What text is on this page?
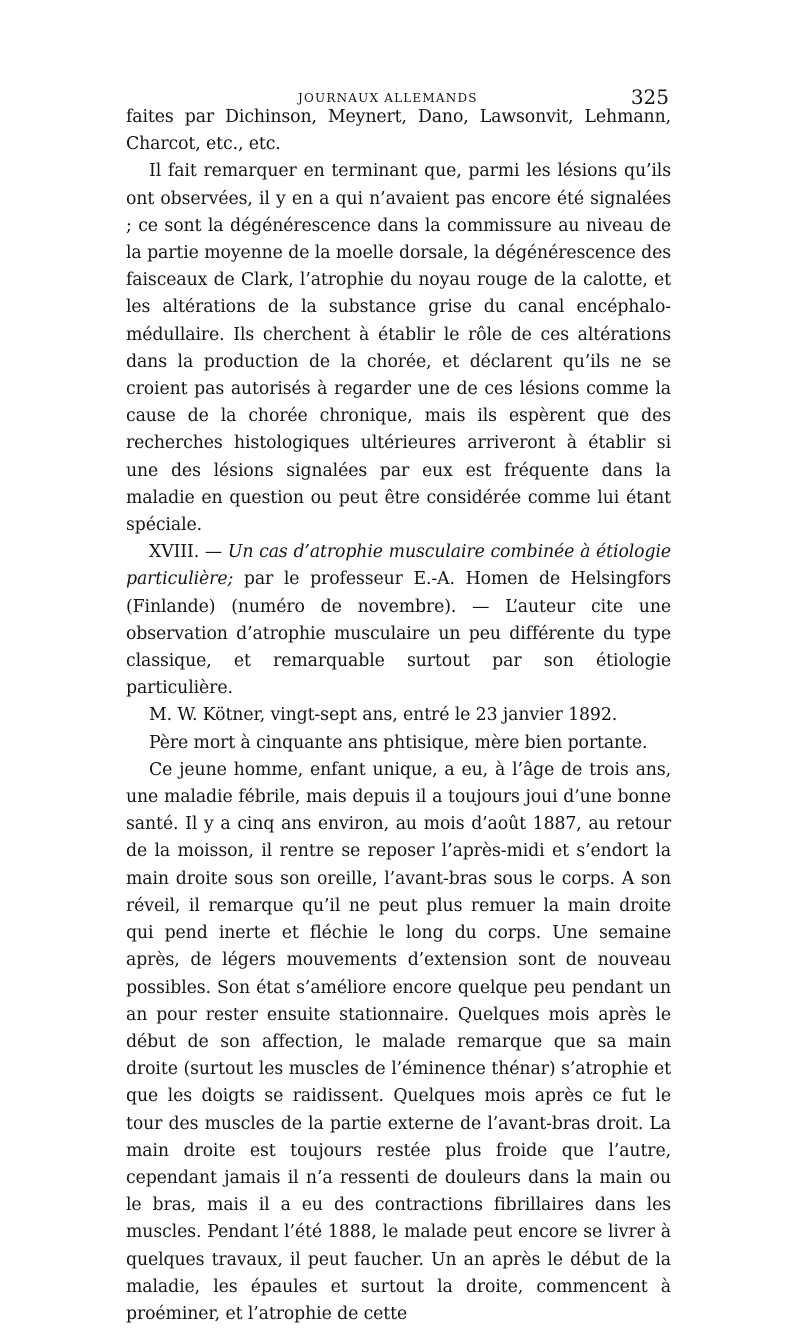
JOURNAUX ALLEMANDS	325

faites par Dichinson, Meynert, Dano, Lawsonvit, Lehmann, Charcot, etc., etc.

Il fait remarquer en terminant que, parmi les lésions qu’ils ont observées, il y en a qui n’avaient pas encore été signalées ; ce sont la dégénérescence dans la commissure au niveau de la partie moyenne de la moelle dorsale, la dégénérescence des faisceaux de Clark, l’atrophie du noyau rouge de la calotte, et les altérations de la substance grise du canal encéphalo-médullaire. Ils cherchent à établir le rôle de ces altérations dans la production de la chorée, et déclarent qu’ils ne se croient pas autorisés à regarder une de ces lésions comme la cause de la chorée chronique, mais ils espèrent que des recherches histologiques ultérieures arriveront à établir si une des lésions signalées par eux est fréquente dans la maladie en question ou peut être considérée comme lui étant spéciale.

XVIII. — Un cas d’atrophie musculaire combinée à étiologie particulière; par le professeur E.-A. Homen de Helsingfors (Finlande) (numéro de novembre). — L’auteur cite une observation d’atrophie musculaire un peu différente du type classique, et remarquable surtout par son étiologie particulière.

M. W. Kötner, vingt-sept ans, entré le 23 janvier 1892.

Père mort à cinquante ans phtisique, mère bien portante.

Ce jeune homme, enfant unique, a eu, à l’âge de trois ans, une maladie fébrile, mais depuis il a toujours joui d’une bonne santé. Il y a cinq ans environ, au mois d’août 1887, au retour de la moisson, il rentre se reposer l’après-midi et s’endort la main droite sous son oreille, l’avant-bras sous le corps. A son réveil, il remarque qu’il ne peut plus remuer la main droite qui pend inerte et fléchie le long du corps. Une semaine après, de légers mouvements d’extension sont de nouveau possibles. Son état s’améliore encore quelque peu pendant un an pour rester ensuite stationnaire. Quelques mois après le début de son affection, le malade remarque que sa main droite (surtout les muscles de l’éminence thénar) s’atrophie et que les doigts se raidissent. Quelques mois après ce fut le tour des muscles de la partie externe de l’avant-bras droit. La main droite est toujours restée plus froide que l’autre, cependant jamais il n’a ressenti de douleurs dans la main ou le bras, mais il a eu des contractions fibrillaires dans les muscles. Pendant l’été 1888, le malade peut encore se livrer à quelques travaux, il peut faucher. Un an après le début de la maladie, les épaules et surtout la droite, commencent à proéminer, et l’atrophie de cette
